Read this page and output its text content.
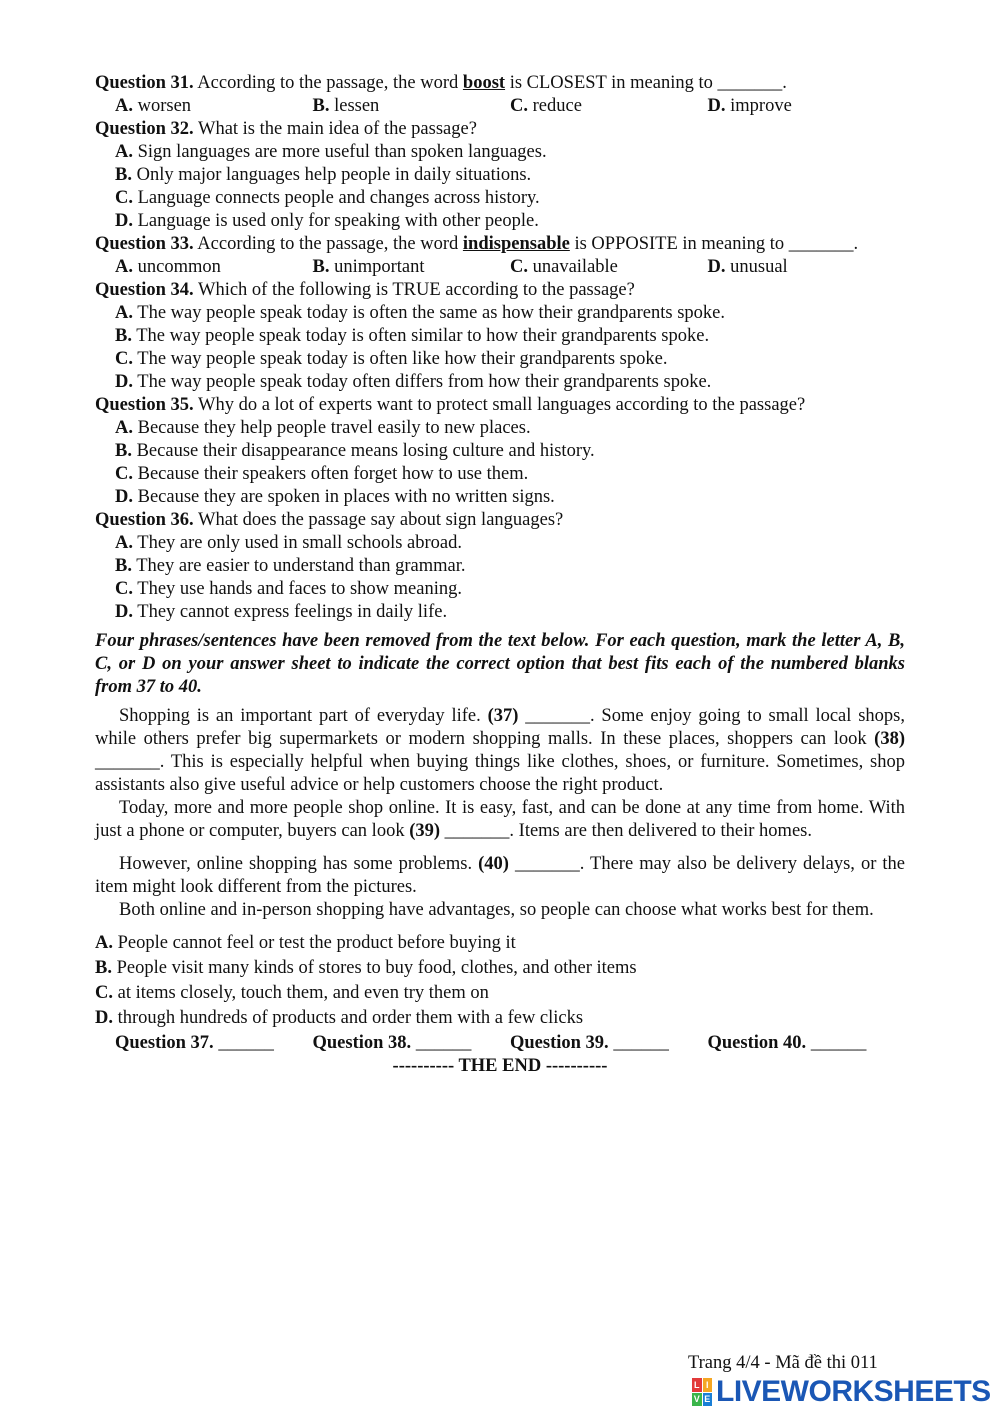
Question 31. According to the passage, the word boost is CLOSEST in meaning to _______.
A. worsen	B. lessen	C. reduce	D. improve
Question 32. What is the main idea of the passage?
A. Sign languages are more useful than spoken languages.
B. Only major languages help people in daily situations.
C. Language connects people and changes across history.
D. Language is used only for speaking with other people.
Question 33. According to the passage, the word indispensable is OPPOSITE in meaning to _______.
A. uncommon	B. unimportant	C. unavailable	D. unusual
Question 34. Which of the following is TRUE according to the passage?
A. The way people speak today is often the same as how their grandparents spoke.
B. The way people speak today is often similar to how their grandparents spoke.
C. The way people speak today is often like how their grandparents spoke.
D. The way people speak today often differs from how their grandparents spoke.
Question 35. Why do a lot of experts want to protect small languages according to the passage?
A. Because they help people travel easily to new places.
B. Because their disappearance means losing culture and history.
C. Because their speakers often forget how to use them.
D. Because they are spoken in places with no written signs.
Question 36. What does the passage say about sign languages?
A. They are only used in small schools abroad.
B. They are easier to understand than grammar.
C. They use hands and faces to show meaning.
D. They cannot express feelings in daily life.
Four phrases/sentences have been removed from the text below. For each question, mark the letter A, B, C, or D on your answer sheet to indicate the correct option that best fits each of the numbered blanks from 37 to 40.
Shopping is an important part of everyday life. (37) _______. Some enjoy going to small local shops, while others prefer big supermarkets or modern shopping malls. In these places, shoppers can look (38) _______. This is especially helpful when buying things like clothes, shoes, or furniture. Sometimes, shop assistants also give useful advice or help customers choose the right product.
Today, more and more people shop online. It is easy, fast, and can be done at any time from home. With just a phone or computer, buyers can look (39) _______. Items are then delivered to their homes.
However, online shopping has some problems. (40) _______. There may also be delivery delays, or the item might look different from the pictures.
Both online and in-person shopping have advantages, so people can choose what works best for them.
A. People cannot feel or test the product before buying it
B. People visit many kinds of stores to buy food, clothes, and other items
C. at items closely, touch them, and even try them on
D. through hundreds of products and order them with a few clicks
Question 37. ______	Question 38. ______	Question 39. ______	Question 40. ______
---------- THE END ----------
Trang 4/4 - Mã đề thi 011
L I
V E LIVEWORKSHEETS
